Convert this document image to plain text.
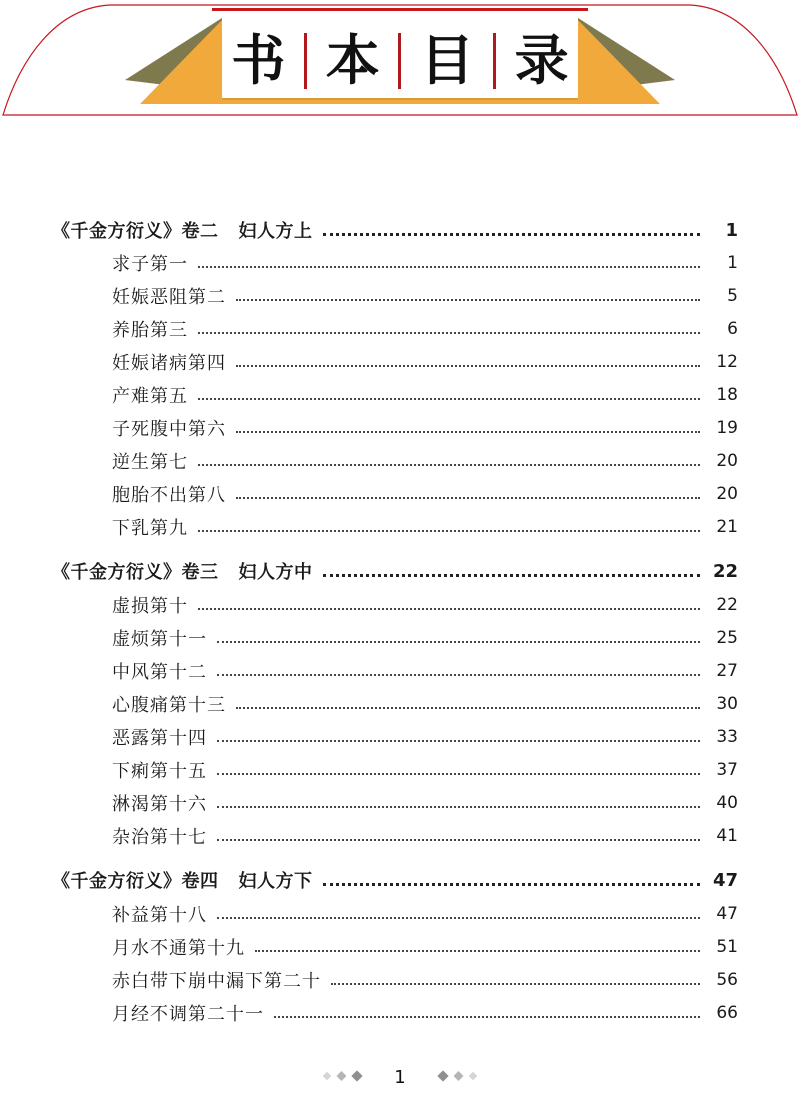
书 本 目 录
《千金方衍义》卷二 妇人方上	1
求子第一	1
妊娠恶阻第二	5
养胎第三	6
妊娠诸病第四	12
产难第五	18
子死腹中第六	19
逆生第七	20
胞胎不出第八	20
下乳第九	21
《千金方衍义》卷三 妇人方中	22
虚损第十	22
虚烦第十一	25
中风第十二	27
心腹痛第十三	30
恶露第十四	33
下痢第十五	37
淋渴第十六	40
杂治第十七	41
《千金方衍义》卷四 妇人方下	47
补益第十八	47
月水不通第十九	51
赤白带下崩中漏下第二十	56
月经不调第二十一	66
1
